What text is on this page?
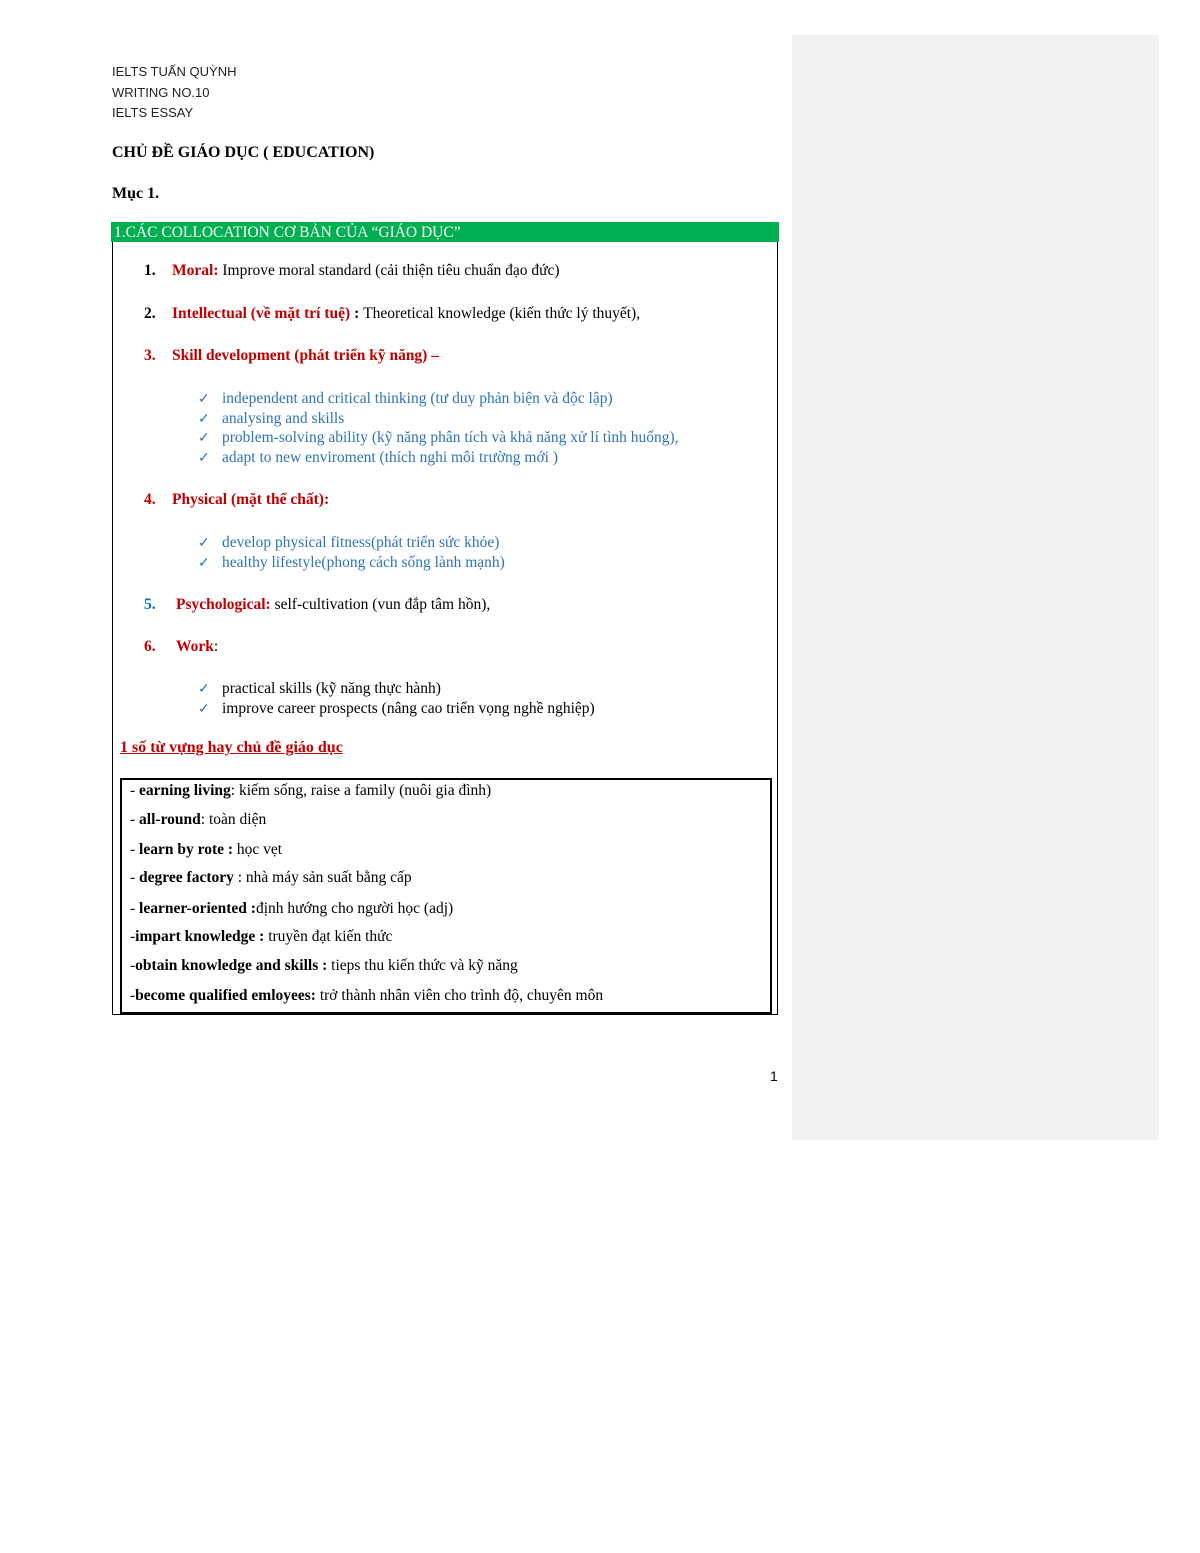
IELTS TUẤN QUỲNH
WRITING NO.10
IELTS ESSAY
CHỦ ĐỀ GIÁO DỤC ( EDUCATION)
Mục 1.
1.CÁC COLLOCATION CƠ BẢN CỦA “GIÁO DỤC”
1. Moral: Improve moral standard (cải thiện tiêu chuẩn đạo đức)
2. Intellectual (về mặt trí tuệ) : Theoretical knowledge (kiến thức lý thuyết),
3. Skill development (phát triển kỹ năng) –
✓ independent and critical thinking (tư duy phản biện và độc lập)
✓ analysing and skills
✓ problem-solving ability (kỹ năng phân tích và khả năng xử lí tình huống),
✓ adapt to new enviroment (thích nghi môi trường mới )
4. Physical (mặt thể chất):
✓ develop physical fitness(phát triển sức khỏe)
✓ healthy lifestyle(phong cách sống lành mạnh)
5. Psychological: self-cultivation (vun đắp tâm hồn),
6. Work:
✓ practical skills (kỹ năng thực hành)
✓ improve career prospects (nâng cao triển vọng nghề nghiệp)
1 số từ vựng hay chủ đề giáo dục
- earning living: kiếm sống, raise a family (nuôi gia đình)
- all-round: toàn diện
- learn by rote : học vẹt
- degree factory : nhà máy sản suất bằng cấp
- learner-oriented :định hướng cho người học (adj)
-impart knowledge : truyền đạt kiến thức
-obtain knowledge and skills : tieps thu kiến thức và kỹ năng
-become qualified emloyees: trở thành nhân viên cho trình độ, chuyên môn
1
